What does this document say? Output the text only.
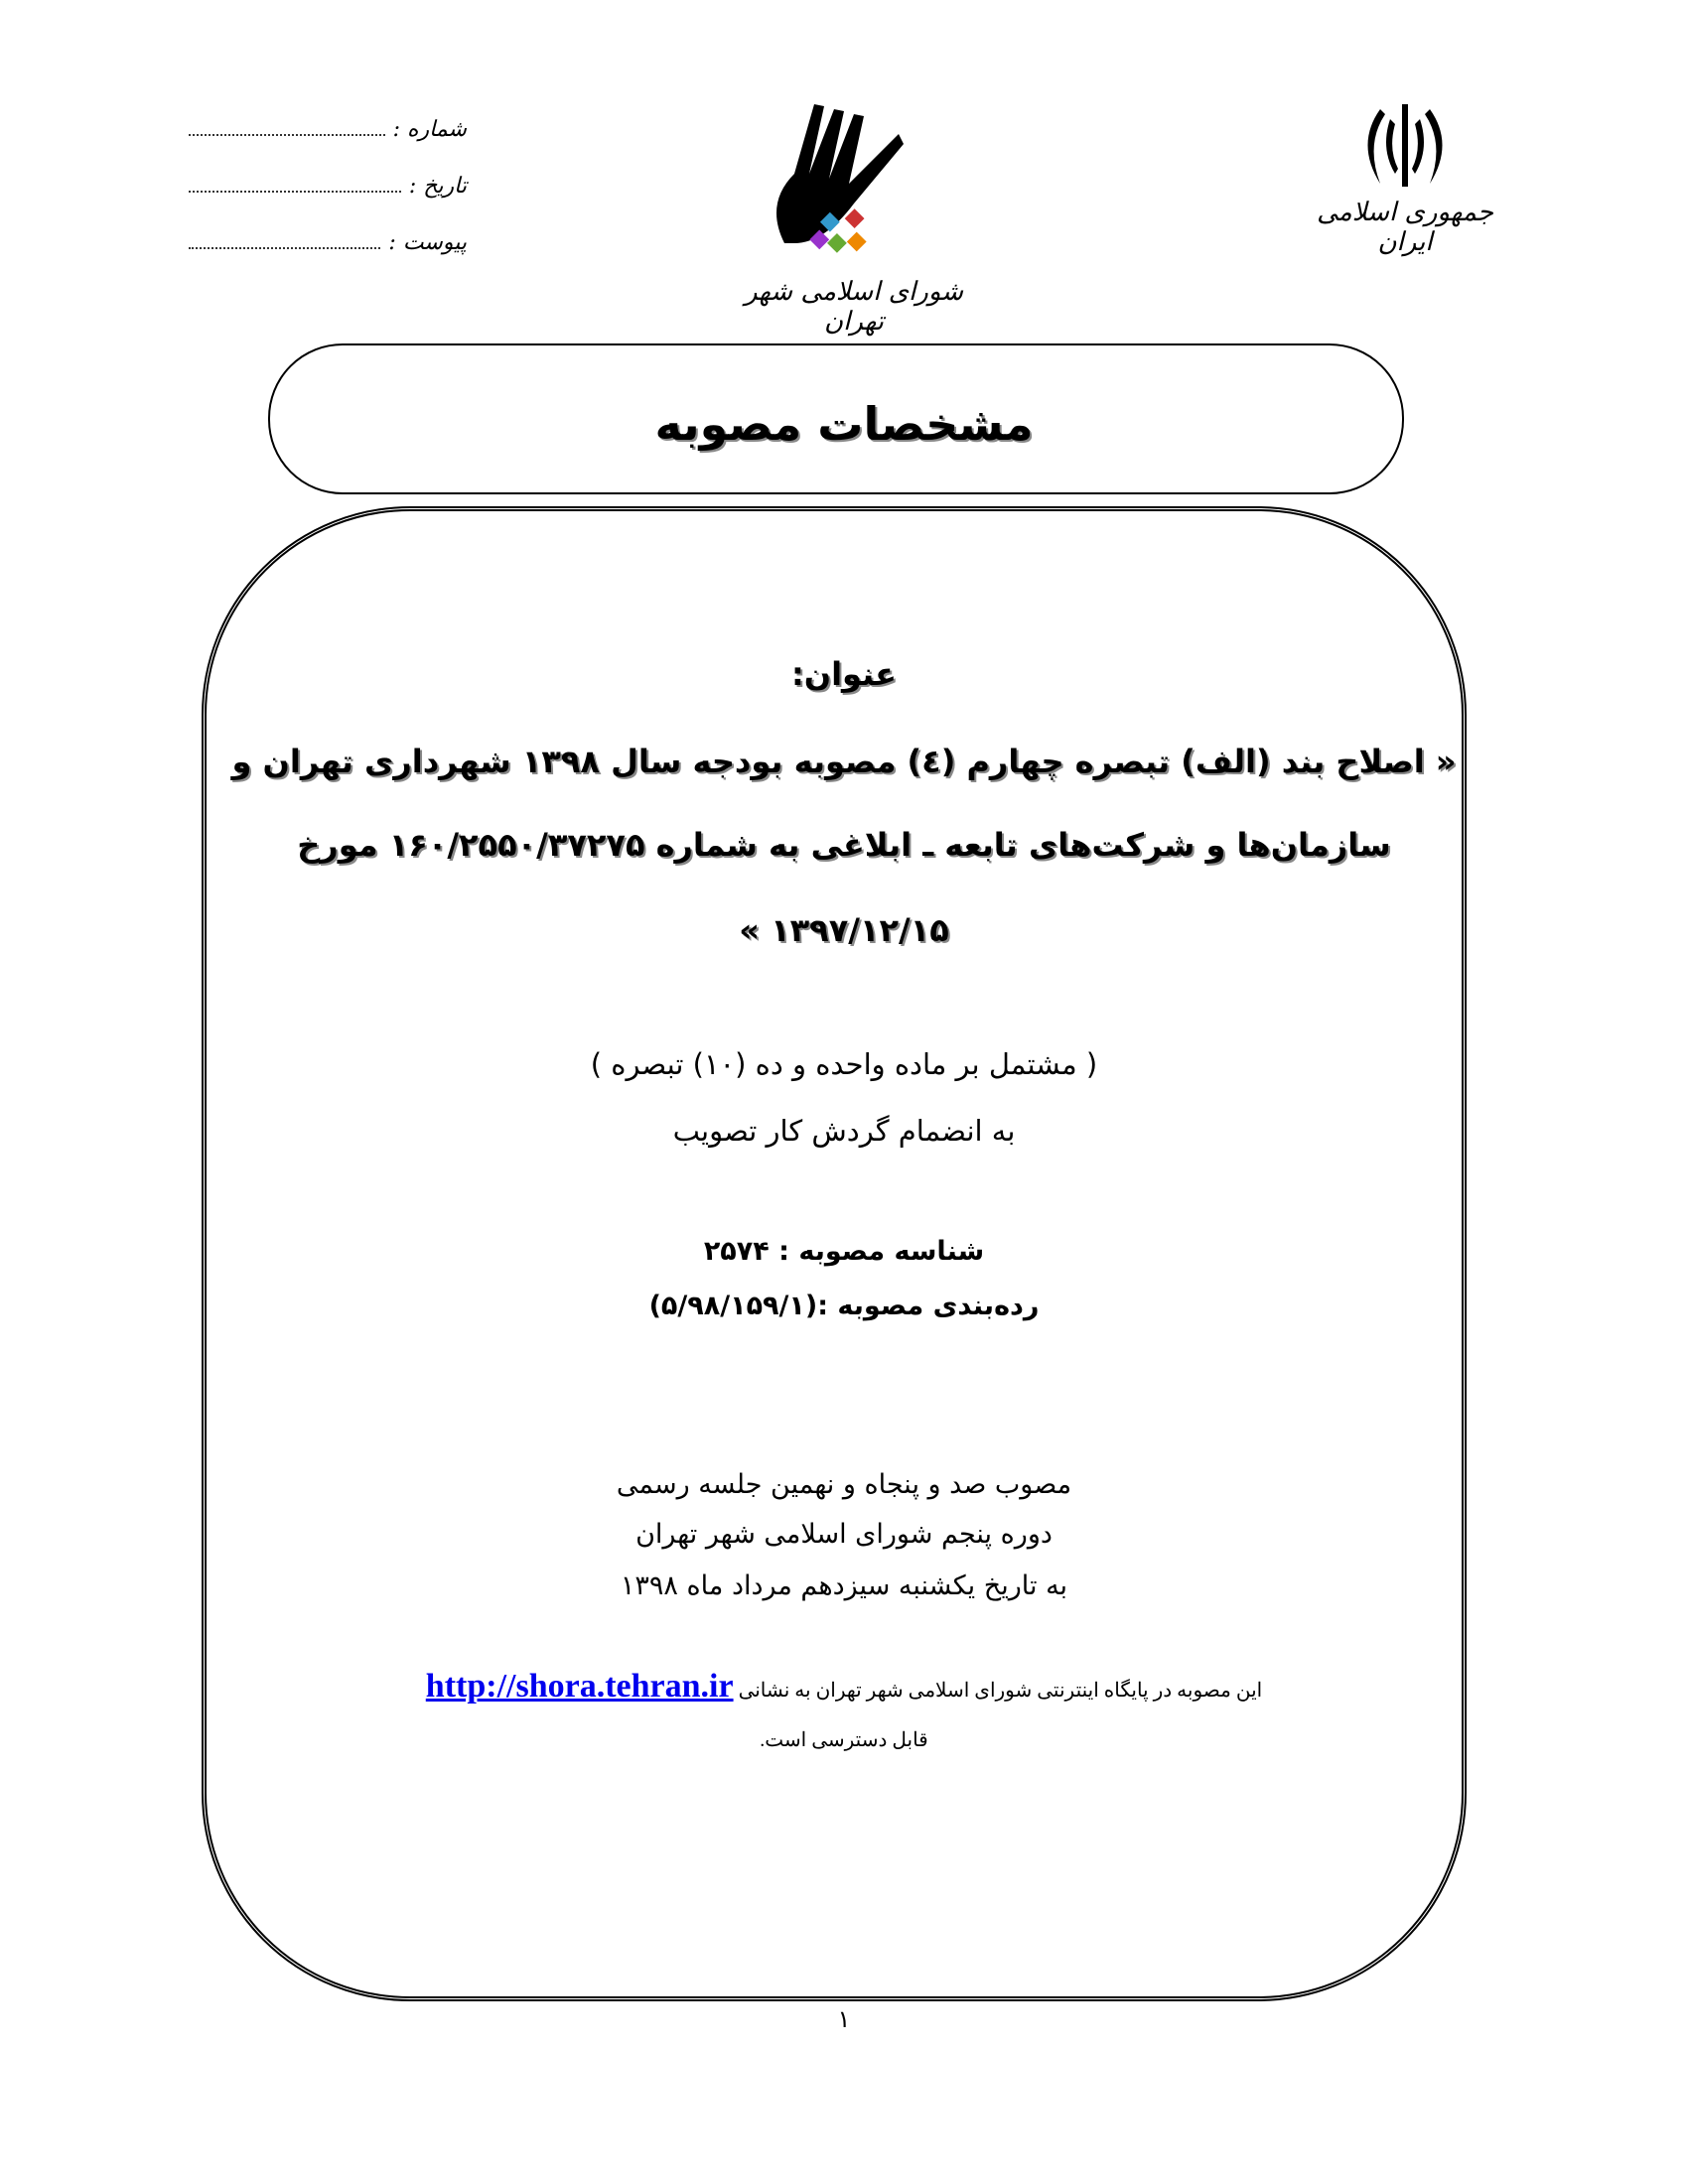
شماره :
تاریخ :
پیوست :
شورای اسلامی شهر تهران
جمهوری اسلامی ایران
مشخصات مصوبه
عنوان:
« اصلاح بند (الف) تبصره چهارم (٤) مصوبه بودجه سال ۱۳۹۸ شهرداری تهران و
سازمان‌ها و شرکت‌های تابعه ـ ابلاغی به شماره ۱۶۰/۲۵۵۰/۳۷۲۷۵ مورخ
۱۳۹۷/۱۲/۱۵ »
( مشتمل بر ماده واحده و ده (۱۰) تبصره )
به انضمام گردش کار تصویب
شناسه مصوبه : ۲۵۷۴
رده‌بندی مصوبه :(۵/۹۸/۱۵۹/۱)
مصوب صد و پنجاه و نهمین جلسه رسمی
دوره پنجم شورای اسلامی شهر تهران
به تاریخ یکشنبه سیزدهم مرداد ماه ۱۳۹۸
این مصوبه در پایگاه اینترنتی شورای اسلامی شهر تهران به نشانی http://shora.tehran.ir
قابل دسترسی است.
١
